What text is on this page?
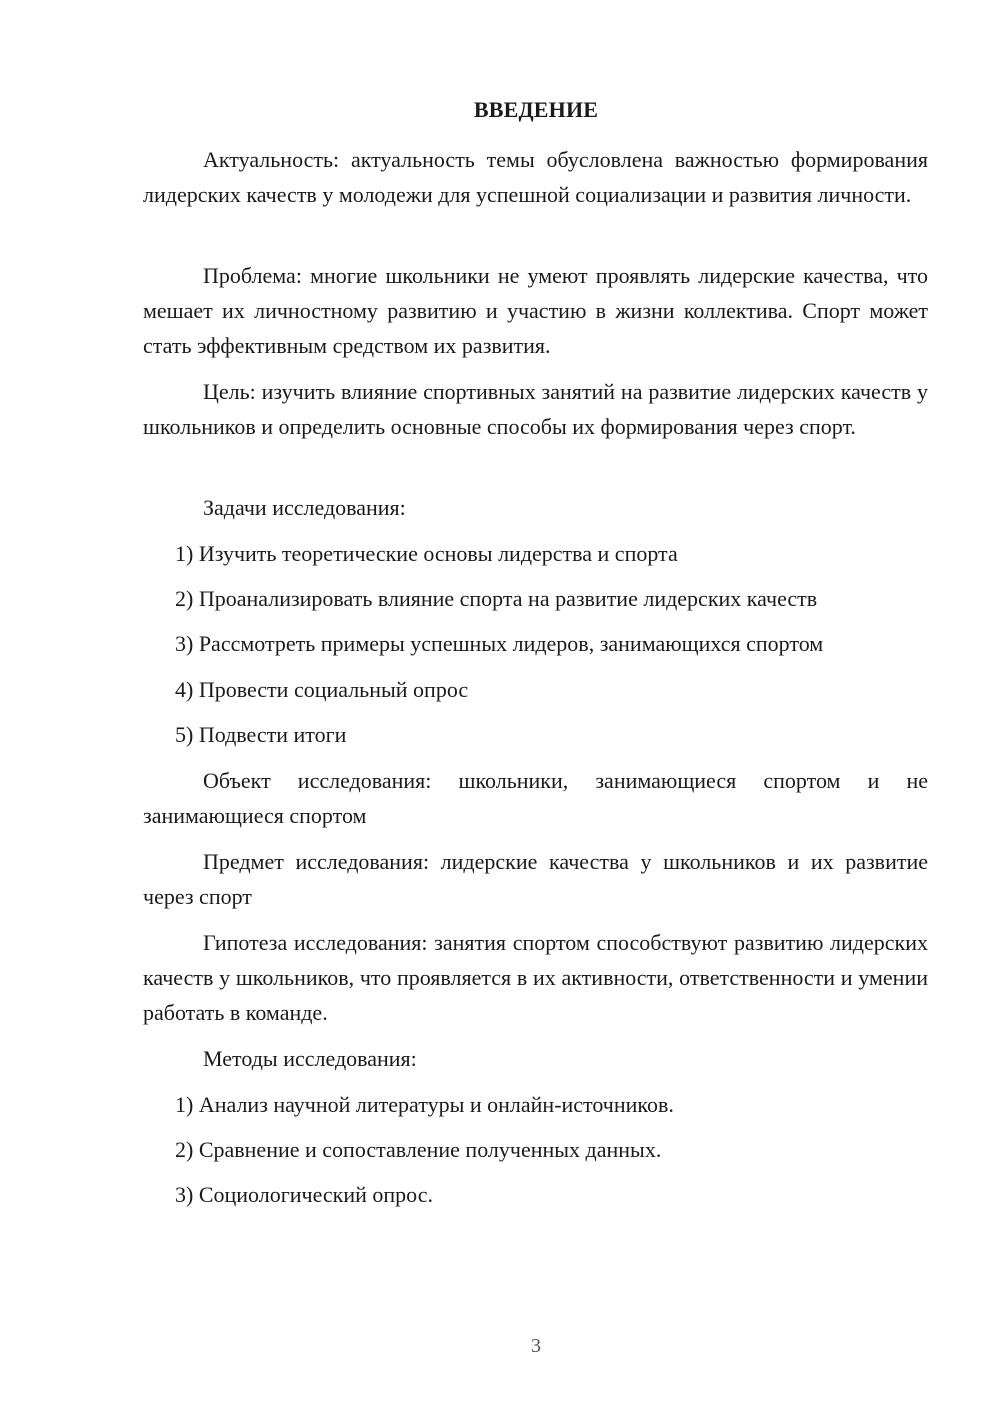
ВВЕДЕНИЕ

Актуальность: актуальность темы обусловлена важностью формирования лидерских качеств у молодежи для успешной социализации и развития личности.

Проблема: многие школьники не умеют проявлять лидерские качества, что мешает их личностному развитию и участию в жизни коллектива. Спорт может стать эффективным средством их развития.

Цель: изучить влияние спортивных занятий на развитие лидерских качеств у школьников и определить основные способы их формирования через спорт.

Задачи исследования:

1) Изучить теоретические основы лидерства и спорта

2) Проанализировать влияние спорта на развитие лидерских качеств

3) Рассмотреть примеры успешных лидеров, занимающихся спортом

4) Провести социальный опрос

5) Подвести итоги

Объект исследования: школьники, занимающиеся спортом и не занимающиеся спортом

Предмет исследования: лидерские качества у школьников и их развитие через спорт

Гипотеза исследования: занятия спортом способствуют развитию лидерских качеств у школьников, что проявляется в их активности, ответственности и умении работать в команде.

Методы исследования:

1) Анализ научной литературы и онлайн-источников.

2) Сравнение и сопоставление полученных данных.

3) Социологический опрос.

3
